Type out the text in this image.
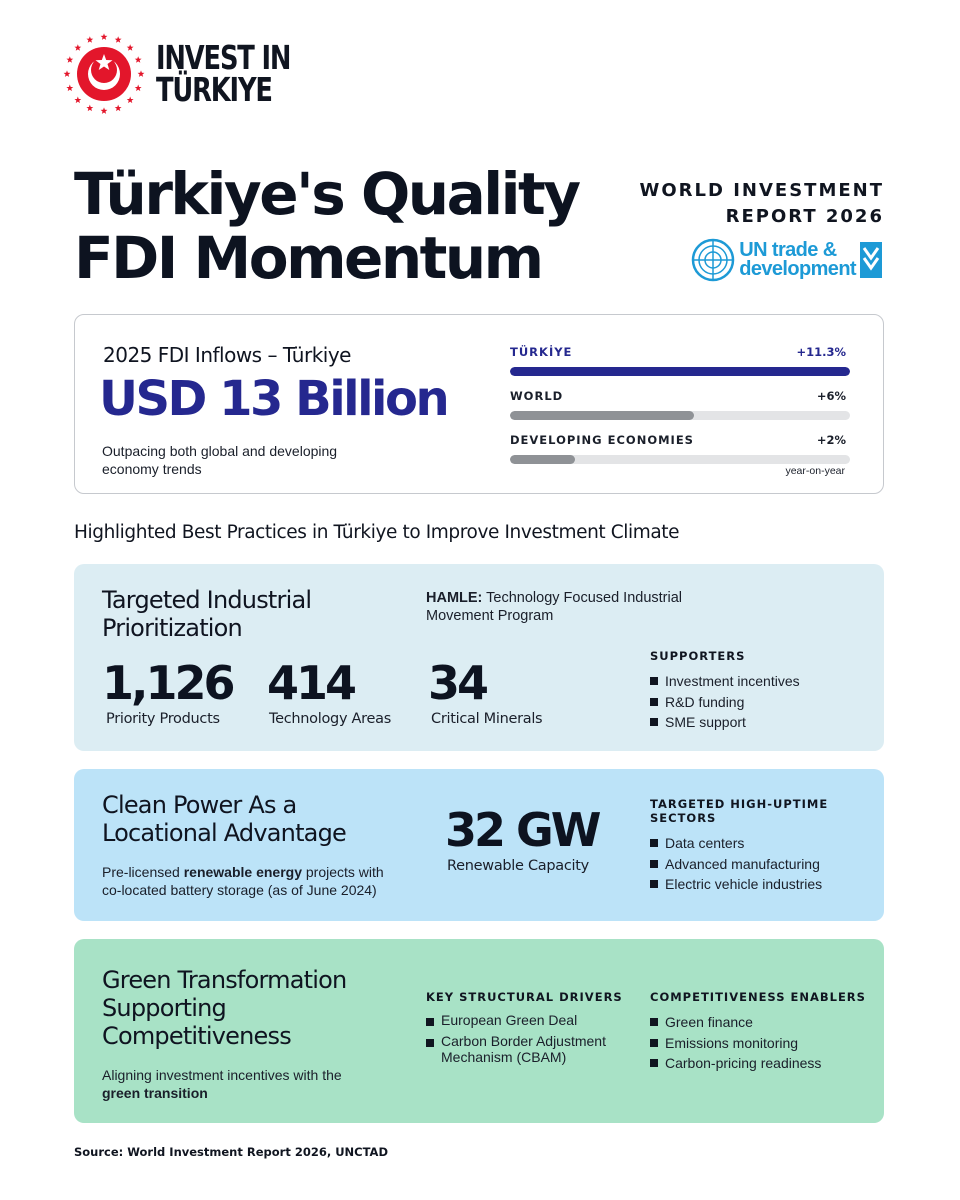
INVEST IN
TÜRKIYE
Türkiye's Quality
FDI Momentum
WORLD INVESTMENT
REPORT 2026
UN trade &
development
2025 FDI Inflows – Türkiye
USD 13 Billion
Outpacing both global and developing economy trends
TÜRKİYE	+11.3%
WORLD	+6%
DEVELOPING ECONOMIES	+2%
year-on-year
Highlighted Best Practices in Türkiye to Improve Investment Climate
Targeted Industrial
Prioritization
HAMLE: Technology Focused Industrial Movement Program
1,126
Priority Products
414
Technology Areas
34
Critical Minerals
SUPPORTERS
Investment incentives
R&D funding
SME support
Clean Power As a
Locational Advantage
Pre-licensed renewable energy projects with co-located battery storage (as of June 2024)
32 GW
Renewable Capacity
TARGETED HIGH-UPTIME
SECTORS
Data centers
Advanced manufacturing
Electric vehicle industries
Green Transformation
Supporting
Competitiveness
Aligning investment incentives with the green transition
KEY STRUCTURAL DRIVERS
European Green Deal
Carbon Border Adjustment Mechanism (CBAM)
COMPETITIVENESS ENABLERS
Green finance
Emissions monitoring
Carbon-pricing readiness
Source: World Investment Report 2026, UNCTAD
